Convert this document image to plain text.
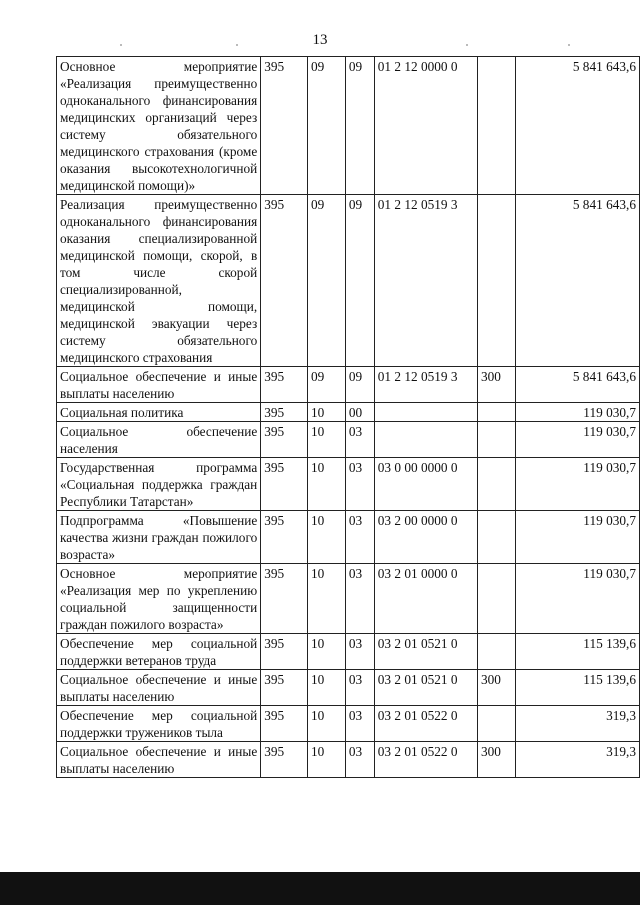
13
Основное мероприятие «Реализация преимущественно одноканального финансирования медицинских организаций через систему обязательного медицинского страхования (кроме оказания высокотехнологичной медицинской помощи)»	395	09	09	01 2 12 0000 0		5 841 643,6
Реализация преимущественно одноканального финансирования оказания специализированной медицинской помощи, скорой, в том числе скорой специализированной, медицинской помощи, медицинской эвакуации через систему обязательного медицинского страхования	395	09	09	01 2 12 0519 3		5 841 643,6
Социальное обеспечение и иные выплаты населению	395	09	09	01 2 12 0519 3	300	5 841 643,6
Социальная политика	395	10	00			119 030,7
Социальное обеспечение населения	395	10	03			119 030,7
Государственная программа «Социальная поддержка граждан Республики Татарстан»	395	10	03	03 0 00 0000 0		119 030,7
Подпрограмма «Повышение качества жизни граждан пожилого возраста»	395	10	03	03 2 00 0000 0		119 030,7
Основное мероприятие «Реализация мер по укреплению социальной защищенности граждан пожилого возраста»	395	10	03	03 2 01 0000 0		119 030,7
Обеспечение мер социальной поддержки ветеранов труда	395	10	03	03 2 01 0521 0		115 139,6
Социальное обеспечение и иные выплаты населению	395	10	03	03 2 01 0521 0	300	115 139,6
Обеспечение мер социальной поддержки тружеников тыла	395	10	03	03 2 01 0522 0		319,3
Социальное обеспечение и иные выплаты населению	395	10	03	03 2 01 0522 0	300	319,3
